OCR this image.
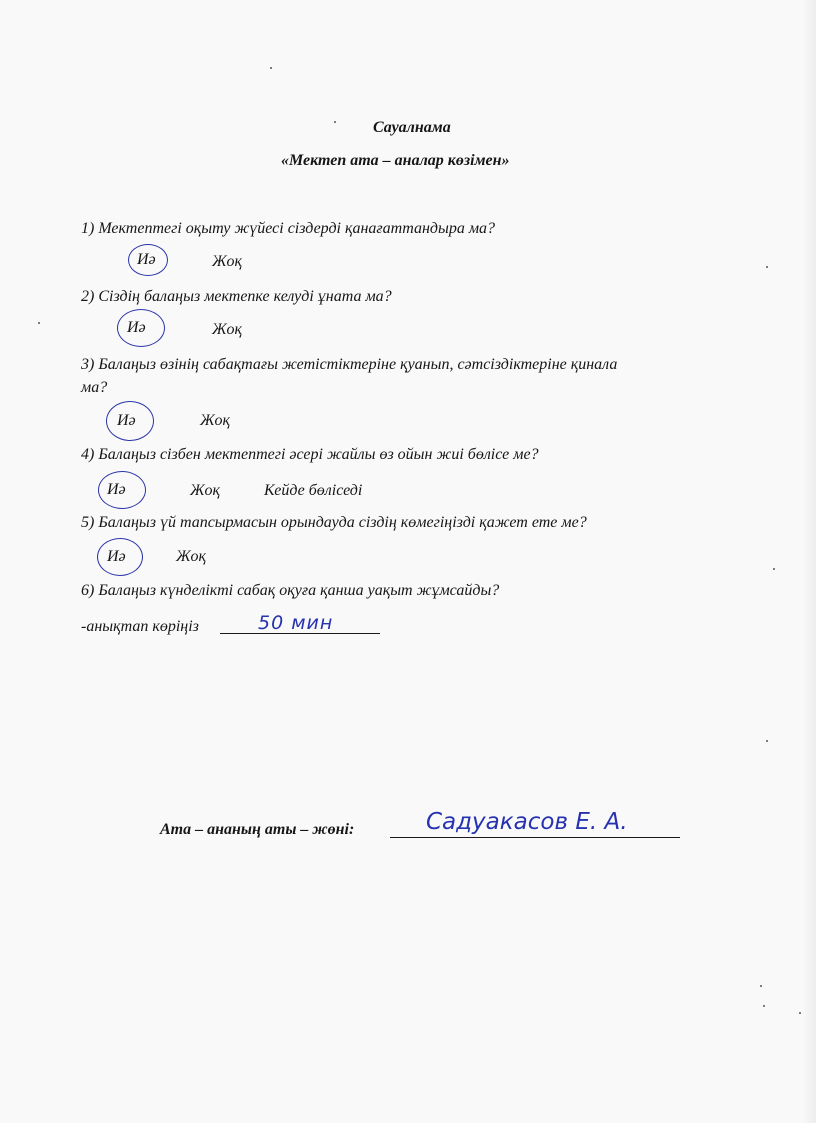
Сауалнама
«Мектеп ата – аналар көзімен»
1) Мектептегі оқыту жүйесі сіздерді қанағаттандыра ма?
Иә	Жоқ
2) Сіздің балаңыз мектепке келуді ұната ма?
Иә	Жоқ
3) Балаңыз өзінің сабақтағы жетістіктеріне қуанып, сәтсіздіктеріне қинала
ма?
Иә	Жоқ
4) Балаңыз сізбен мектептегі әсері жайлы өз ойын жиі бөлісе ме?
Иә	Жоқ	Кейде бөліседі
5) Балаңыз үй тапсырмасын орындауда сіздің көмегіңізді қажет ете ме?
Иә	Жоқ
6) Балаңыз күнделікті сабақ оқуға қанша уақыт жұмсайды?
-анықтап көріңіз	50 мин
Ата – ананың аты – жөні:	Садуакасов Е. А.
